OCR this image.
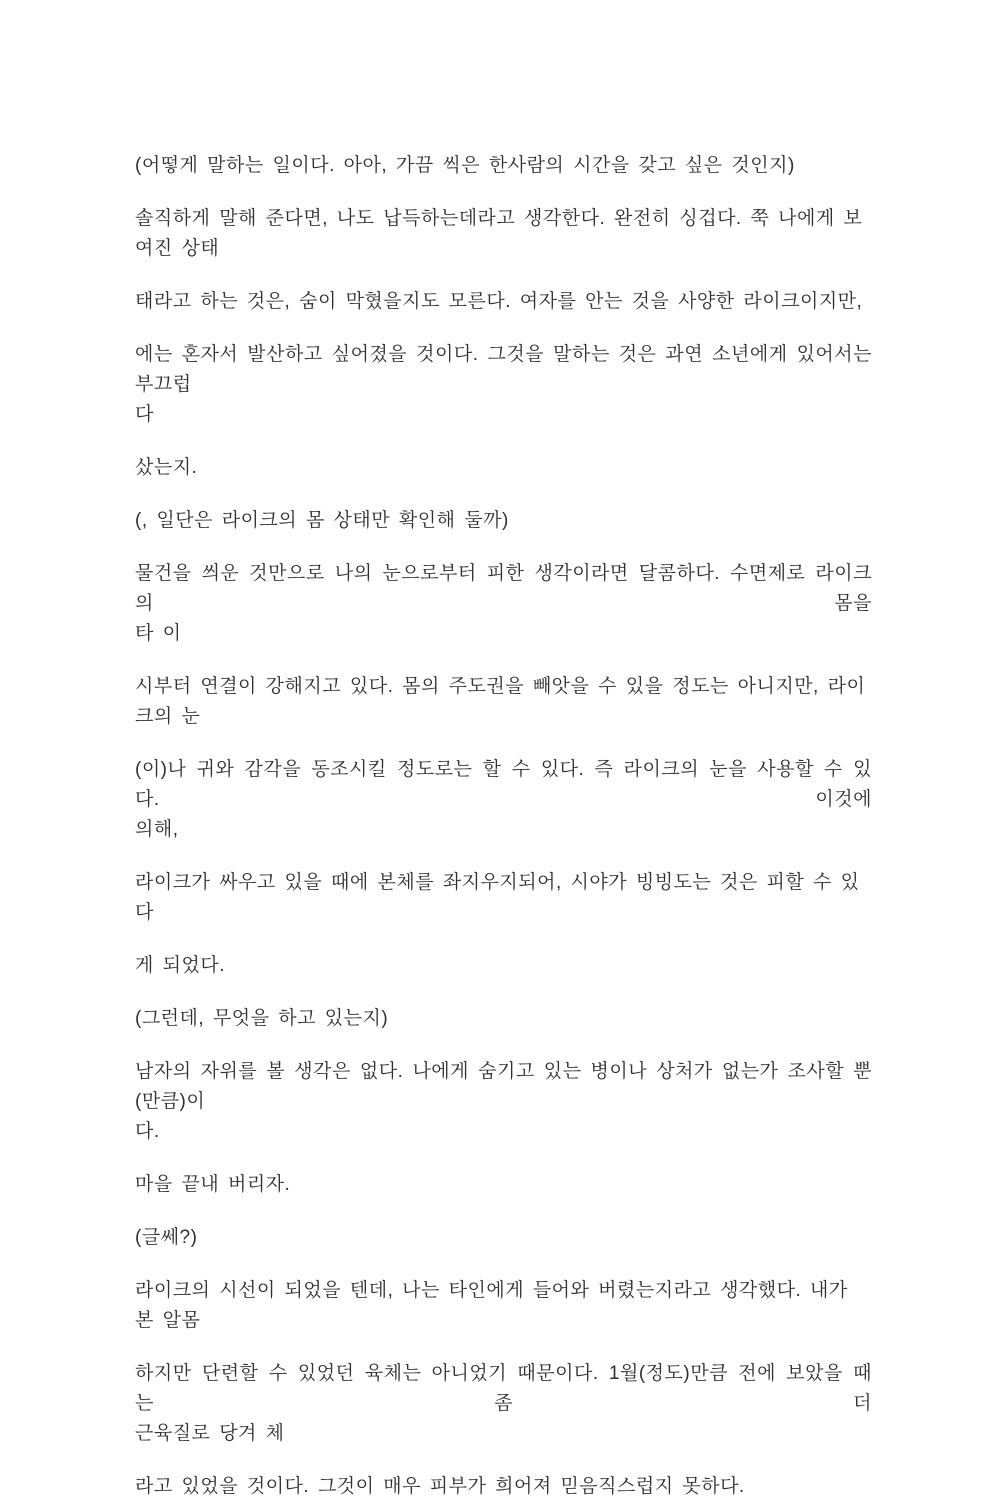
(어떻게 말하는 일이다. 아아, 가끔 씩은 한사람의 시간을 갖고 싶은 것인지)

솔직하게 말해 준다면, 나도 납득하는데라고 생각한다. 완전히 싱겁다. 쭉 나에게 보여진 상태

태라고 하는 것은, 숨이 막혔을지도 모른다. 여자를 안는 것을 사양한 라이크이지만,

에는 혼자서 발산하고 싶어졌을 것이다. 그것을 말하는 것은 과연 소년에게 있어서는 부끄럽
다

샀는지.

(, 일단은 라이크의 몸 상태만 확인해 둘까)

물건을 씌운 것만으로 나의 눈으로부터 피한 생각이라면 달콤하다. 수면제로 라이크의 몸을
타 이

시부터 연결이 강해지고 있다. 몸의 주도권을 빼앗을 수 있을 정도는 아니지만, 라이크의 눈

(이)나 귀와 감각을 동조시킬 정도로는 할 수 있다. 즉 라이크의 눈을 사용할 수 있다. 이것에
의해,

라이크가 싸우고 있을 때에 본체를 좌지우지되어, 시야가 빙빙도는 것은 피할 수 있다

게 되었다.

(그런데, 무엇을 하고 있는지)

남자의 자위를 볼 생각은 없다. 나에게 숨기고 있는 병이나 상처가 없는가 조사할 뿐(만큼)이
다.

마을 끝내 버리자.

(글쎄?)

라이크의 시선이 되었을 텐데, 나는 타인에게 들어와 버렸는지라고 생각했다. 내가 본 알몸

하지만 단련할 수 있었던 육체는 아니었기 때문이다. 1월(정도)만큼 전에 보았을 때는 좀 더
근육질로 당겨 체

라고 있었을 것이다. 그것이 매우 피부가 희어져 믿음직스럽지 못하다.
